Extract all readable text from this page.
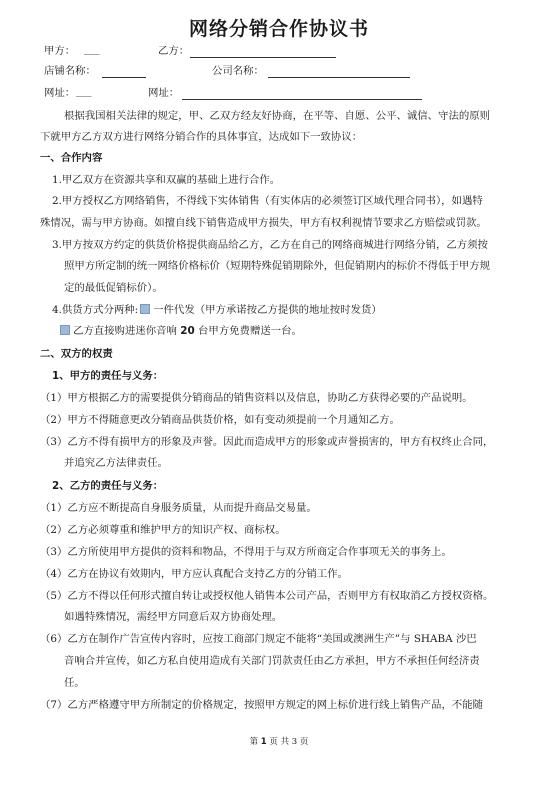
网络分销合作协议书
甲方： ___	乙方：
店铺名称：	公司名称：
网址： ___	网址：
根据我国相关法律的规定，甲、乙双方经友好协商，在平等、自愿、公平、诚信、守法的原则
下就甲方乙方双方进行网络分销合作的具体事宜，达成如下一致协议：
一、合作内容
1.甲乙双方在资源共享和双赢的基础上进行合作。
2.甲方授权乙方网络销售，不得线下实体销售（有实体店的必须签订区域代理合同书），如遇特
殊情况，需与甲方协商。如擅自线下销售造成甲方损失，甲方有权利视情节要求乙方赔偿或罚款。
3.甲方按双方约定的供货价格提供商品给乙方，乙方在自己的网络商城进行网络分销，乙方须按
照甲方所定制的统一网络价格标价（短期特殊促销期除外，但促销期内的标价不得低于甲方规
定的最低促销标价）。
4.供货方式分两种: 一件代发（甲方承诺按乙方提供的地址按时发货）
乙方直接购进迷你音响 20 台甲方免费赠送一台。
二、双方的权责
1、甲方的责任与义务：
（1）甲方根据乙方的需要提供分销商品的销售资料以及信息，协助乙方获得必要的产品说明。
（2）甲方不得随意更改分销商品供货价格，如有变动须提前一个月通知乙方。
（3）乙方不得有损甲方的形象及声誉。因此而造成甲方的形象或声誉损害的，甲方有权终止合同，
并追究乙方法律责任。
2、乙方的责任与义务：
（1）乙方应不断提高自身服务质量，从而提升商品交易量。
（2）乙方必须尊重和维护甲方的知识产权、商标权。
（3）乙方所使用甲方提供的资料和物品，不得用于与双方所商定合作事项无关的事务上。
（4）乙方在协议有效期内，甲方应认真配合支持乙方的分销工作。
（5）乙方不得以任何形式擅自转让或授权他人销售本公司产品，否则甲方有权取消乙方授权资格。
如遇特殊情况，需经甲方同意后双方协商处理。
（6）乙方在制作广告宣传内容时，应按工商部门规定不能将“美国或澳洲生产”与 SHABA 沙巴
音响合并宣传，如乙方私自使用造成有关部门罚款责任由乙方承担，甲方不承担任何经济责
任。
（7）乙方严格遵守甲方所制定的价格规定，按照甲方规定的网上标价进行线上销售产品，不能随
第 1 页 共 3 页
